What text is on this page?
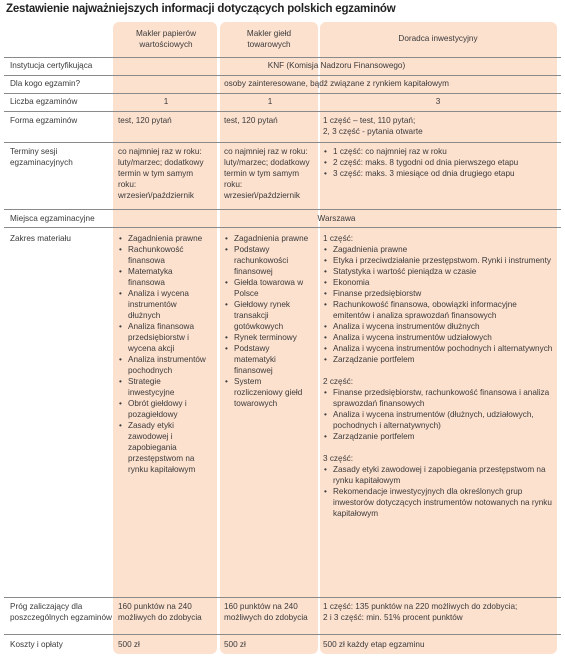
Zestawienie najważniejszych informacji dotyczących polskich egzaminów
Makler papierów wartościowych
Makler giełd towarowych
Doradca inwestycyjny
Instytucja certyfikująca	KNF (Komisja Nadzoru Finansowego)
Dla kogo egzamin?	osoby zainteresowane, bądź związane z rynkiem kapitałowym
Liczba egzaminów	1	1	3
Forma egzaminów	test, 120 pytań	test, 120 pytań	1 część – test, 110 pytań;
2, 3 część - pytania otwarte
Terminy sesji egzaminacyjnych
co najmniej raz w roku: luty/marzec; dodatkowy termin w tym samym roku: wrzesień/październik
co najmniej raz w roku: luty/marzec; dodatkowy termin w tym samym roku: wrzesień/październik
• 1 część: co najmniej raz w roku
• 2 część: maks. 8 tygodni od dnia pierwszego etapu
• 3 część: maks. 3 miesiące od dnia drugiego etapu
Miejsca egzaminacyjne	Warszawa
Zakres materiału
•	Zagadnienia prawne
• Rachunkowość finansowa
• Matematyka finansowa
• Analiza i wycena instrumentów dłużnych
• Analiza finansowa przedsiębiorstw i wycena akcji
• Analiza instrumentów pochodnych
• Strategie inwestycyjne
• Obrót giełdowy i pozagiełdowy
• Zasady etyki zawodowej i zapobiegania przestępstwom na rynku kapitałowym
• Zagadnienia prawne
• Podstawy rachunkowości finansowej
• Giełda towarowa w Polsce
• Giełdowy rynek transakcji gotówkowych
• Rynek terminowy
• Podstawy matematyki finansowej
• System rozliczeniowy giełd towarowych
1 część:
• Zagadnienia prawne
• Etyka i przeciwdziałanie przestępstwom. Rynki i instrumenty
• Statystyka i wartość pieniądza w czasie
• Ekonomia
• Finanse przedsiębiorstw
• Rachunkowość finansowa, obowiązki informacyjne emitentów i analiza sprawozdań finansowych
• Analiza i wycena instrumentów dłużnych
• Analiza i wycena instrumentów udziałowych
• Analiza i wycena instrumentów pochodnych i alternatywnych
• Zarządzanie portfelem
2 część:
• Finanse przedsiębiorstw, rachunkowość finansowa i analiza sprawozdań finansowych
• Analiza i wycena instrumentów (dłużnych, udziałowych, pochodnych i alternatywnych)
• Zarządzanie portfelem
3 część:
• Zasady etyki zawodowej i zapobiegania przestępstwom na rynku kapitałowym
• Rekomendacje inwestycyjnych dla określonych grup inwestorów dotyczących instrumentów notowanych na rynku kapitałowym
Próg zaliczający dla poszczególnych egzaminów
160 punktów na 240 możliwych do zdobycia
160 punktów na 240 możliwych do zdobycia
1 część: 135 punktów na 220 możliwych do zdobycia;
2 i 3 część: min. 51% procent punktów
Koszty i opłaty	500 zł	500 zł	500 zł każdy etap egzaminu
